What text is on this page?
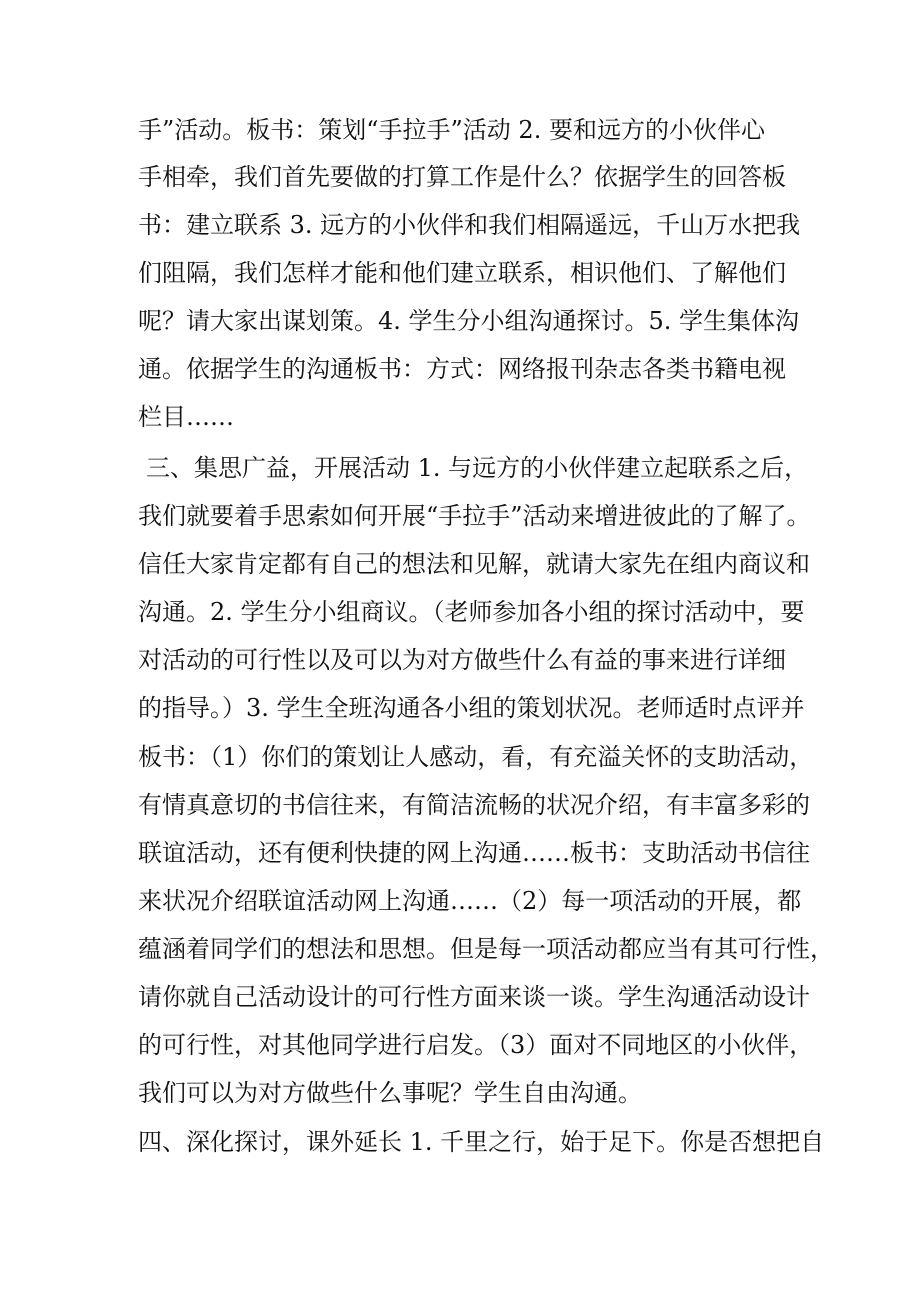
手”活动。板书：策划“手拉手”活动 2. 要和远方的小伙伴心
手相牵，我们首先要做的打算工作是什么？依据学生的回答板
书：建立联系 3. 远方的小伙伴和我们相隔遥远，千山万水把我
们阻隔，我们怎样才能和他们建立联系，相识他们、了解他们
呢？请大家出谋划策。4. 学生分小组沟通探讨。5. 学生集体沟
通。依据学生的沟通板书：方式：网络报刊杂志各类书籍电视
栏目……
三、集思广益，开展活动 1. 与远方的小伙伴建立起联系之后，
我们就要着手思索如何开展“手拉手”活动来增进彼此的了解了。
信任大家肯定都有自己的想法和见解，就请大家先在组内商议和
沟通。2. 学生分小组商议。（老师参加各小组的探讨活动中，要
对活动的可行性以及可以为对方做些什么有益的事来进行详细
的指导。）3. 学生全班沟通各小组的策划状况。老师适时点评并
板书：（1）你们的策划让人感动，看，有充溢关怀的支助活动，
有情真意切的书信往来，有简洁流畅的状况介绍，有丰富多彩的
联谊活动，还有便利快捷的网上沟通……板书：支助活动书信往
来状况介绍联谊活动网上沟通……（2）每一项活动的开展，都
蕴涵着同学们的想法和思想。但是每一项活动都应当有其可行性，
请你就自己活动设计的可行性方面来谈一谈。学生沟通活动设计
的可行性，对其他同学进行启发。（3）面对不同地区的小伙伴，
我们可以为对方做些什么事呢？学生自由沟通。
四、深化探讨，课外延长 1. 千里之行，始于足下。你是否想把自
